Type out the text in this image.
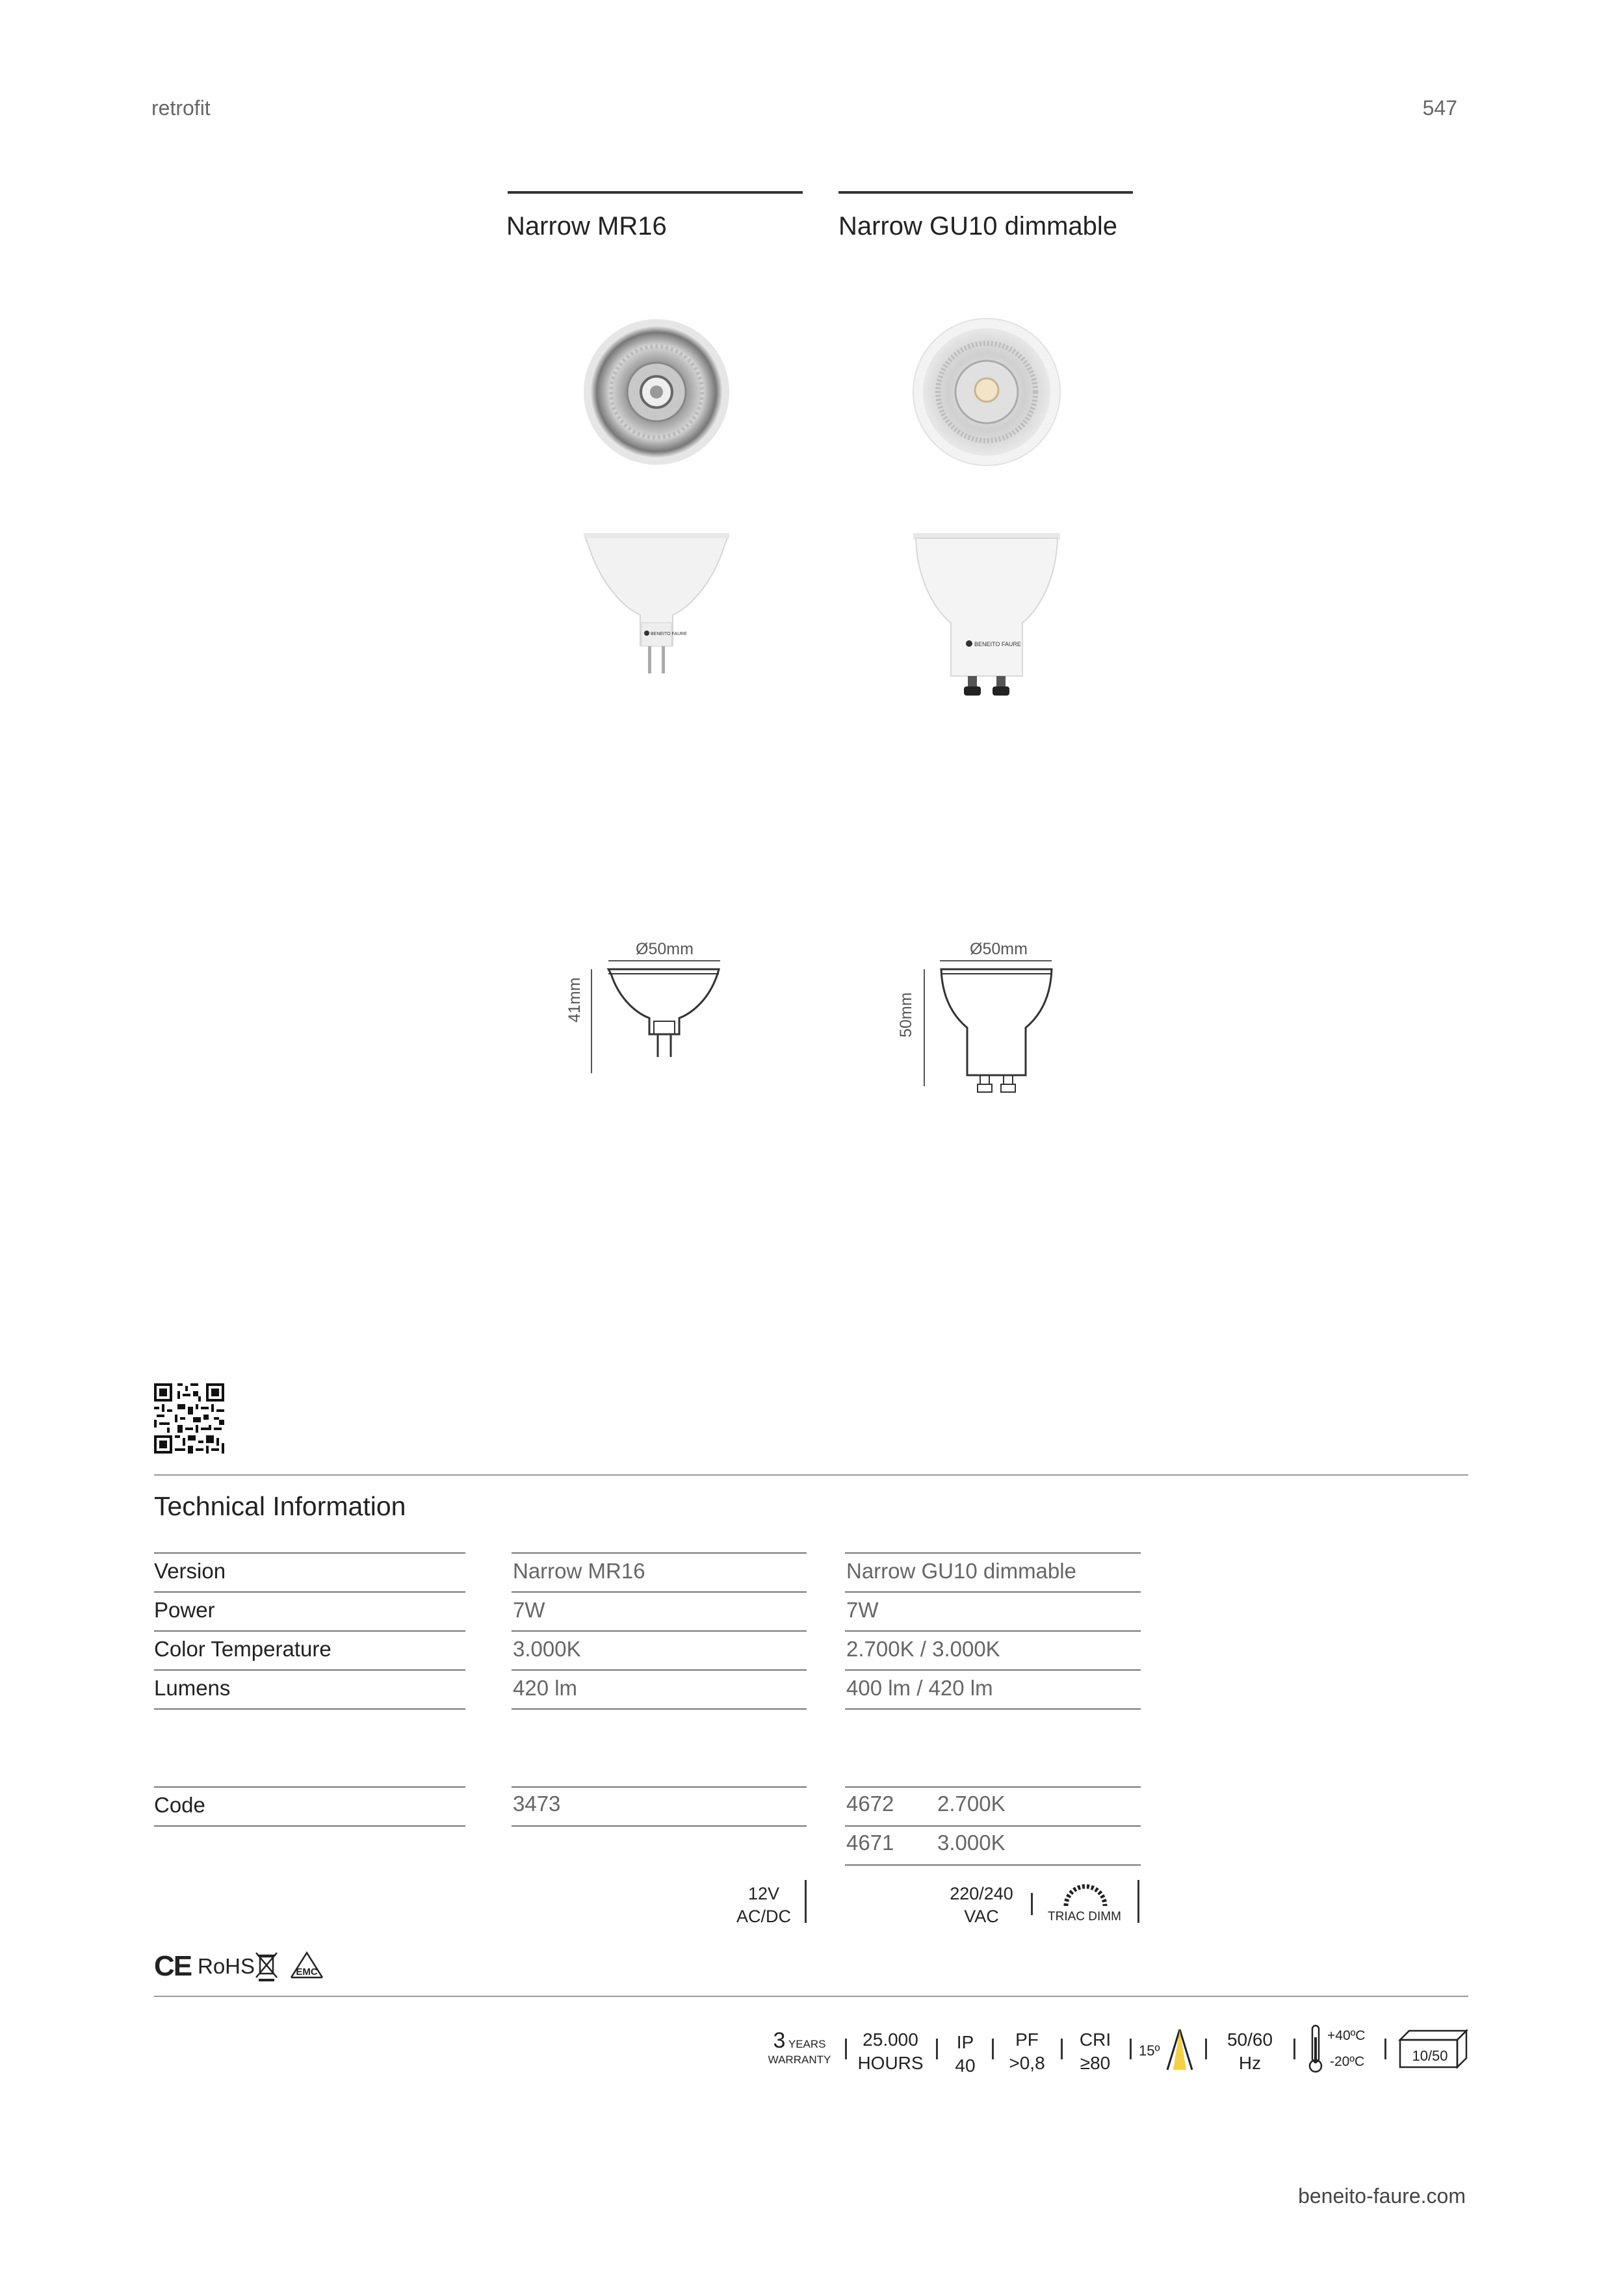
retrofit	547
Narrow MR16	Narrow GU10 dimmable
BENEITO FAURE
BENEITO FAURE
Ø50mm
41mm
Ø50mm
50mm
Technical Information
Version	Narrow MR16	Narrow GU10 dimmable
Power	7W	7W
Color Temperature	3.000K	2.700K / 3.000K
Lumens	420 lm	400 lm / 420 lm
Code	3473	4672 2.700K
4671 3.000K
12V
AC/DC
220/240
VAC	TRIAC DIMM
CE RoHS	EMC
3 YEARS
WARRANTY
25.000
HOURS
IP
40
PF
>0,8
CRI
≥80
15º
50/60
Hz
+40ºC
-20ºC	10/50
beneito-faure.com
